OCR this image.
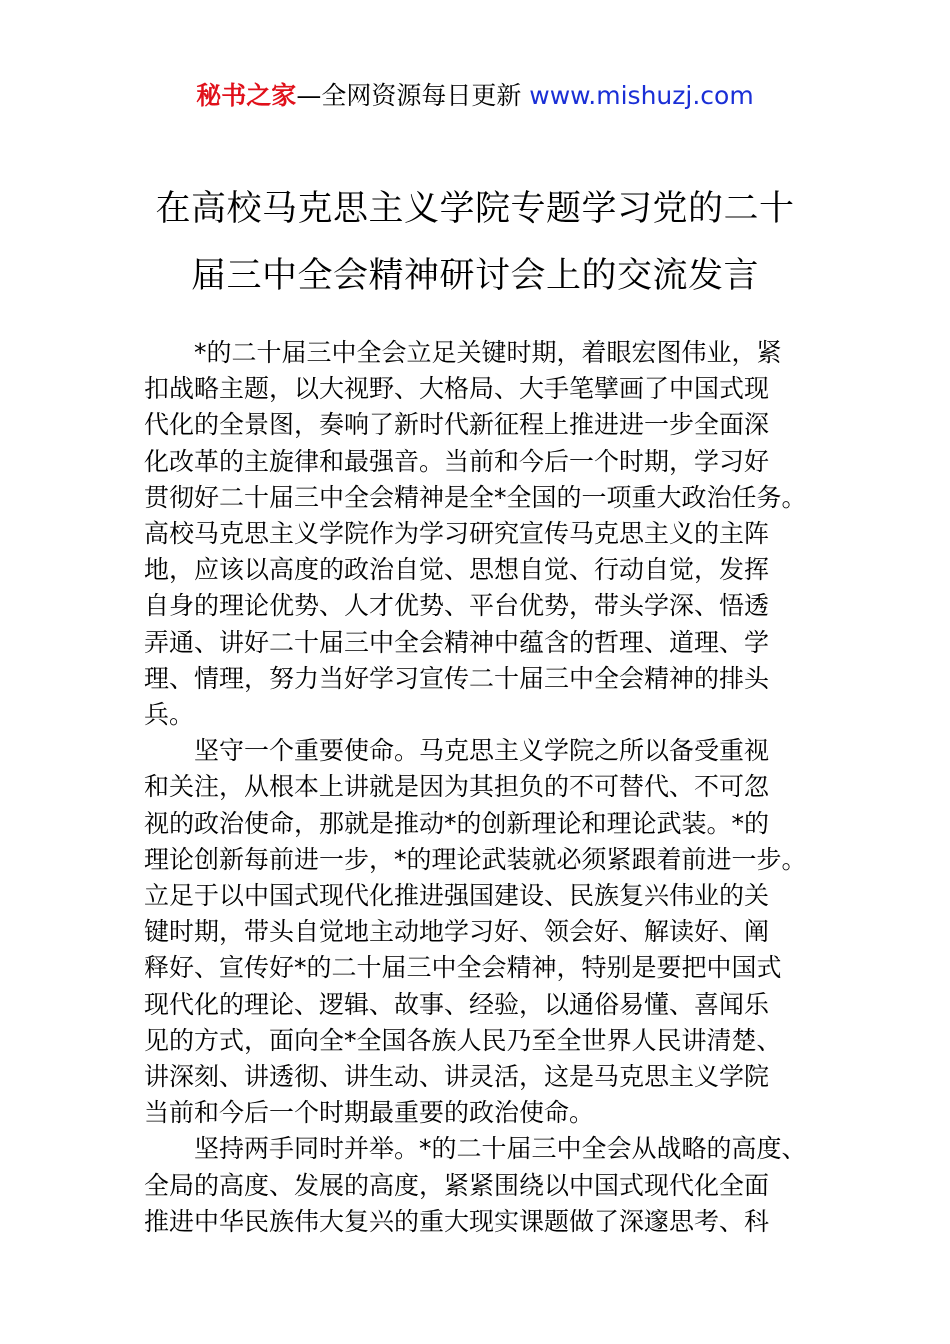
秘书之家—全网资源每日更新 www.mishuzj.com
在高校马克思主义学院专题学习党的二十
届三中全会精神研讨会上的交流发言

*的二十届三中全会立足关键时期，着眼宏图伟业，紧
扣战略主题，以大视野、大格局、大手笔擘画了中国式现
代化的全景图，奏响了新时代新征程上推进进一步全面深
化改革的主旋律和最强音。当前和今后一个时期，学习好
贯彻好二十届三中全会精神是全*全国的一项重大政治任务。
高校马克思主义学院作为学习研究宣传马克思主义的主阵
地，应该以高度的政治自觉、思想自觉、行动自觉，发挥
自身的理论优势、人才优势、平台优势，带头学深、悟透
弄通、讲好二十届三中全会精神中蕴含的哲理、道理、学
理、情理，努力当好学习宣传二十届三中全会精神的排头
兵。

坚守一个重要使命。马克思主义学院之所以备受重视
和关注，从根本上讲就是因为其担负的不可替代、不可忽
视的政治使命，那就是推动*的创新理论和理论武装。*的
理论创新每前进一步，*的理论武装就必须紧跟着前进一步。
立足于以中国式现代化推进强国建设、民族复兴伟业的关
键时期，带头自觉地主动地学习好、领会好、解读好、阐
释好、宣传好*的二十届三中全会精神，特别是要把中国式
现代化的理论、逻辑、故事、经验，以通俗易懂、喜闻乐
见的方式，面向全*全国各族人民乃至全世界人民讲清楚、
讲深刻、讲透彻、讲生动、讲灵活，这是马克思主义学院
当前和今后一个时期最重要的政治使命。

坚持两手同时并举。*的二十届三中全会从战略的高度、
全局的高度、发展的高度，紧紧围绕以中国式现代化全面
推进中华民族伟大复兴的重大现实课题做了深邃思考、科
